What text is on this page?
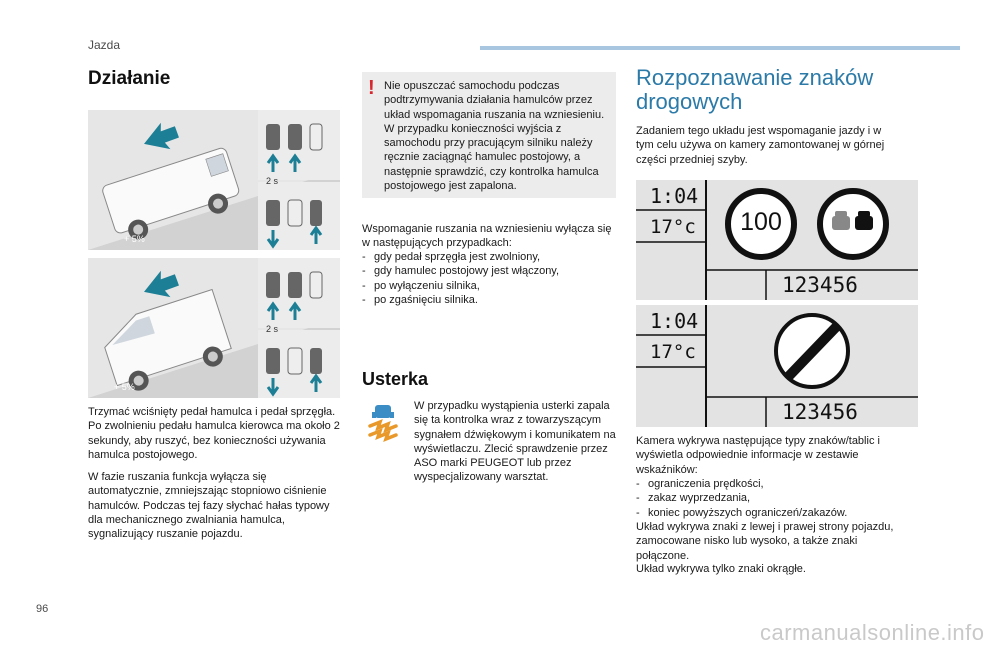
Jazda
Działanie
+ 5%
2 s
+ 5%
2 s
Trzymać wciśnięty pedał hamulca i pedał sprzęgła. Po zwolnieniu pedału hamulca kierowca ma około 2 sekundy, aby ruszyć, bez konieczności używania hamulca postojowego.
W fazie ruszania funkcja wyłącza się automatycznie, zmniejszając stopniowo ciśnienie hamulców. Podczas tej fazy słychać hałas typowy dla mechanicznego zwalniania hamulca, sygnalizujący ruszanie pojazdu.
! Nie opuszczać samochodu podczas podtrzymywania działania hamulców przez układ wspomagania ruszania na wzniesieniu. W przypadku konieczności wyjścia z samochodu przy pracującym silniku należy ręcznie zaciągnąć hamulec postojowy, a następnie sprawdzić, czy kontrolka hamulca postojowego jest zapalona.
Wspomaganie ruszania na wzniesieniu wyłącza się w następujących przypadkach:
- gdy pedał sprzęgła jest zwolniony,
- gdy hamulec postojowy jest włączony,
- po wyłączeniu silnika,
- po zgaśnięciu silnika.
Usterka
W przypadku wystąpienia usterki zapala się ta kontrolka wraz z towarzyszącym sygnałem dźwiękowym i komunikatem na wyświetlaczu. Zlecić sprawdzenie przez ASO marki PEUGEOT lub przez wyspecjalizowany warsztat.
Rozpoznawanie znaków drogowych
Zadaniem tego układu jest wspomaganie jazdy i w tym celu używa on kamery zamontowanej w górnej części przedniej szyby.
1:04
17°c	100
123456
1:04
17°c
123456
Kamera wykrywa następujące typy znaków/tablic i wyświetla odpowiednie informacje w zestawie wskaźników:
- ograniczenia prędkości,
- zakaz wyprzedzania,
- koniec powyższych ograniczeń/zakazów.
Układ wykrywa znaki z lewej i prawej strony pojazdu, zamocowane nisko lub wysoko, a także znaki połączone.
Układ wykrywa tylko znaki okrągłe.
96
carmanualsonline.info
